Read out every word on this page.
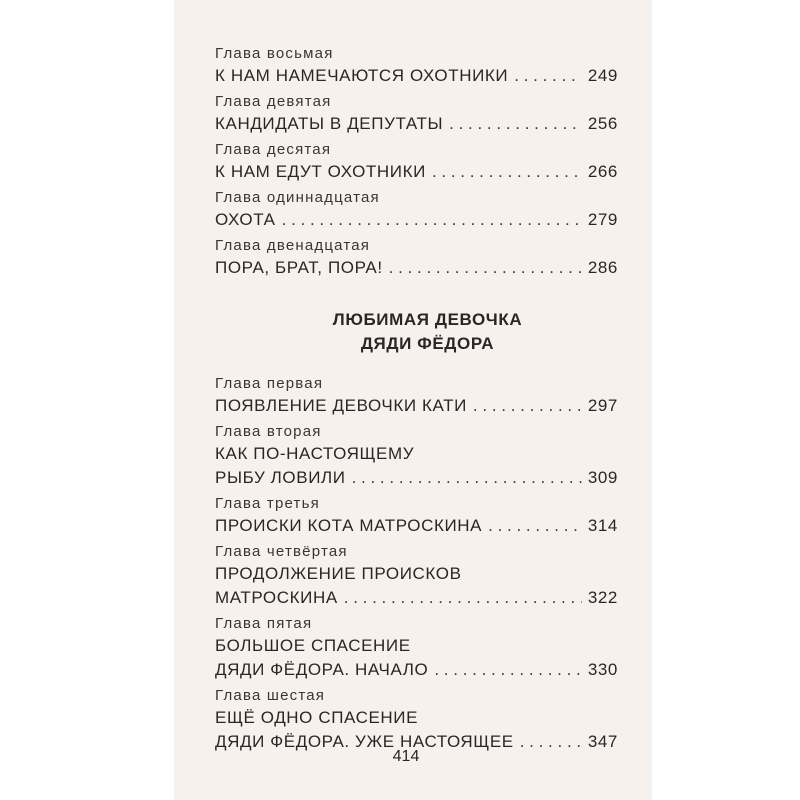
Глава восьмая
К НАМ НАМЕЧАЮТСЯ ОХОТНИКИ . . .	249
Глава девятая
КАНДИДАТЫ В ДЕПУТАТЫ . . .	256
Глава десятая
К НАМ ЕДУТ ОХОТНИКИ . . .	266
Глава одиннадцатая
ОХОТА . . .	279
Глава двенадцатая
ПОРА, БРАТ, ПОРА! . . .	286
ЛЮБИМАЯ ДЕВОЧКА
ДЯДИ ФЁДОРА
Глава первая
ПОЯВЛЕНИЕ ДЕВОЧКИ КАТИ . . .	297
Глава вторая
КАК ПО-НАСТОЯЩЕМУ
РЫБУ ЛОВИЛИ . . .	309
Глава третья
ПРОИСКИ КОТА МАТРОСКИНА . . .	314
Глава четвёртая
ПРОДОЛЖЕНИЕ ПРОИСКОВ
МАТРОСКИНА . . .	322
Глава пятая
БОЛЬШОЕ СПАСЕНИЕ
ДЯДИ ФЁДОРА. НАЧАЛО . . .	330
Глава шестая
ЕЩЁ ОДНО СПАСЕНИЕ
ДЯДИ ФЁДОРА. УЖЕ НАСТОЯЩЕЕ . . .	347
414
